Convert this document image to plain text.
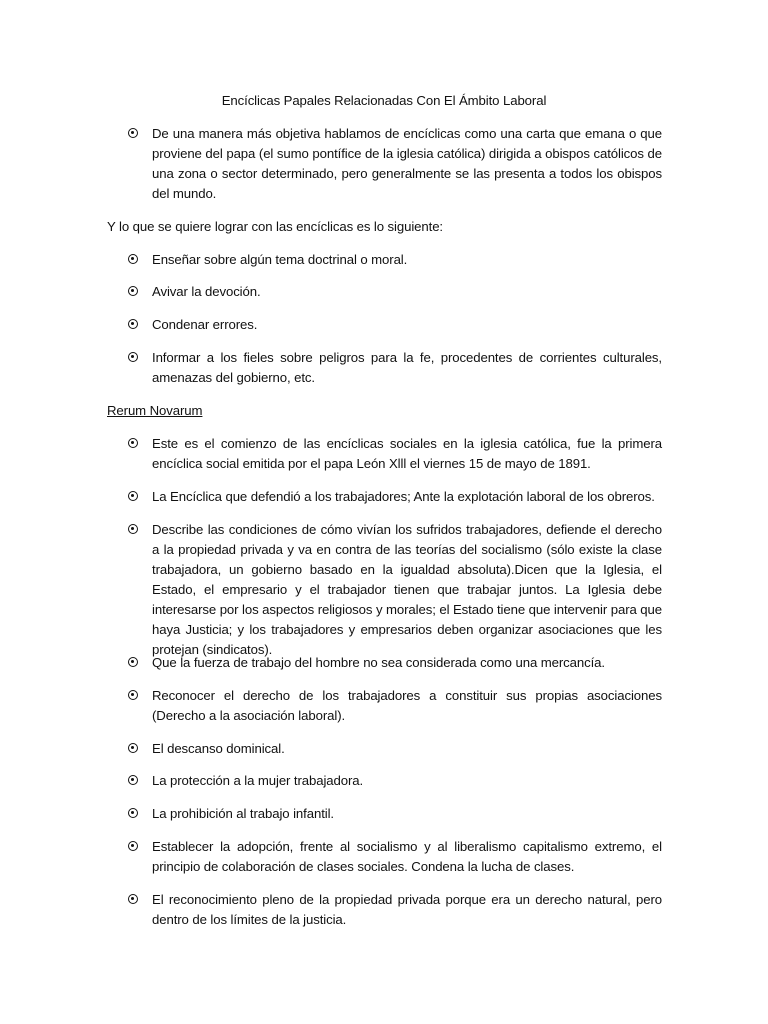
Encíclicas Papales Relacionadas Con El Ámbito Laboral
De una manera más objetiva hablamos de encíclicas como una carta que emana o que proviene del papa (el sumo pontífice de la iglesia católica) dirigida a obispos católicos de una zona o sector determinado, pero generalmente se las presenta a todos los obispos del mundo.
Y lo que se quiere lograr con las encíclicas es lo siguiente:
Enseñar sobre algún tema doctrinal o moral.
Avivar la devoción.
Condenar errores.
Informar a los fieles sobre peligros para la fe, procedentes de corrientes culturales, amenazas del gobierno, etc.
Rerum Novarum
Este es el comienzo de las encíclicas sociales en la iglesia católica, fue la primera encíclica social emitida por el papa León Xlll el viernes 15 de mayo de 1891.
La Encíclica que defendió a los trabajadores; Ante la explotación laboral de los obreros.
Describe las condiciones de cómo vivían los sufridos trabajadores, defiende el derecho a la propiedad privada y va en contra de las teorías del socialismo (sólo existe la clase trabajadora, un gobierno basado en la igualdad absoluta).Dicen que la Iglesia, el Estado, el empresario y el trabajador tienen que trabajar juntos. La Iglesia debe interesarse por los aspectos religiosos y morales; el Estado tiene que intervenir para que haya Justicia; y los trabajadores y empresarios deben organizar asociaciones que les protejan (sindicatos).
Que la fuerza de trabajo del hombre no sea considerada como una mercancía.
Reconocer el derecho de los trabajadores a constituir sus propias asociaciones (Derecho a la asociación laboral).
El descanso dominical.
La protección a la mujer trabajadora.
La prohibición al trabajo infantil.
Establecer la adopción, frente al socialismo y al liberalismo capitalismo extremo, el principio de colaboración de clases sociales. Condena la lucha de clases.
El reconocimiento pleno de la propiedad privada porque era un derecho natural, pero dentro de los límites de la justicia.
